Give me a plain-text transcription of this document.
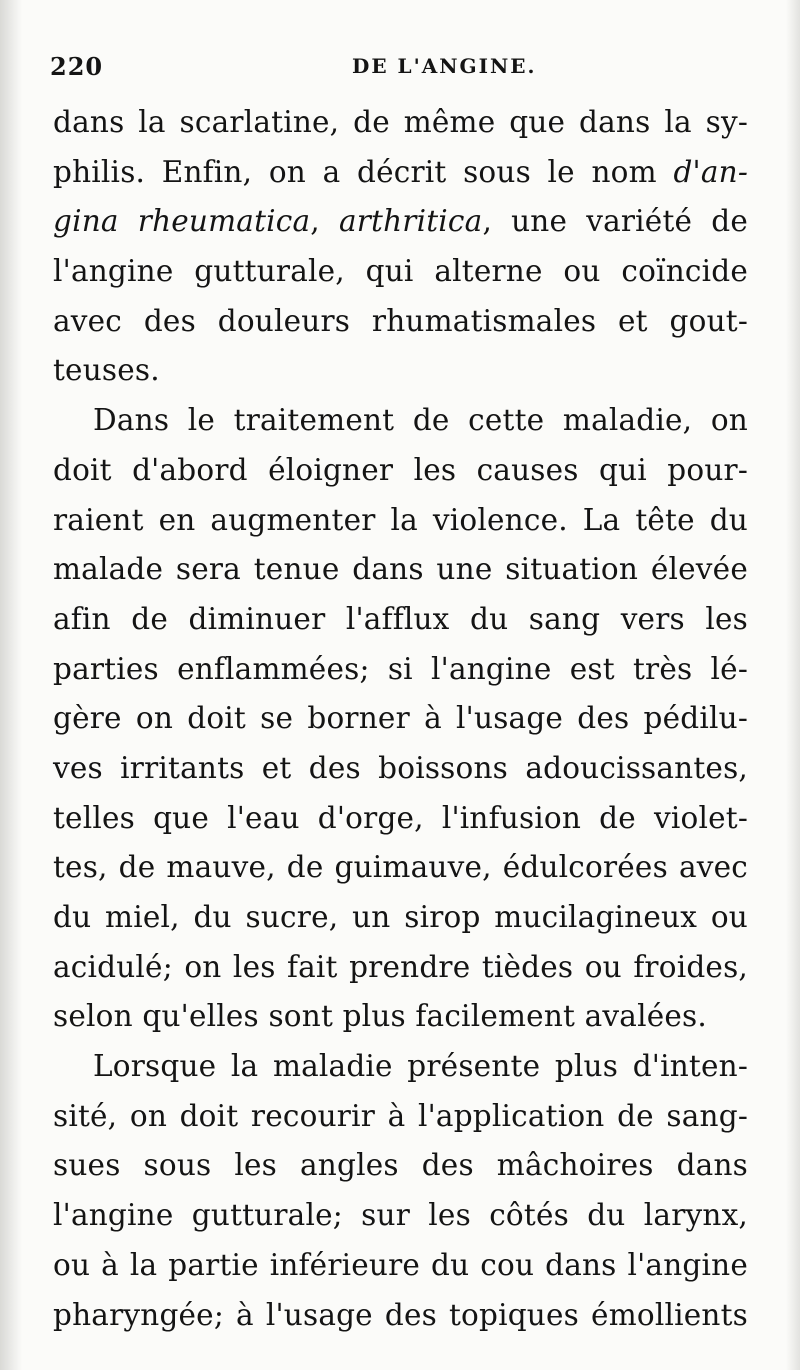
220	DE L'ANGINE.
dans la scarlatine, de même que dans la sy-
philis. Enfin, on a décrit sous le nom d'an-
gina rheumatica, arthritica, une variété de
l'angine gutturale, qui alterne ou coïncide
avec des douleurs rhumatismales et gout-
teuses.
Dans le traitement de cette maladie, on
doit d'abord éloigner les causes qui pour-
raient en augmenter la violence. La tête du
malade sera tenue dans une situation élevée
afin de diminuer l'afflux du sang vers les
parties enflammées; si l'angine est très lé-
gère on doit se borner à l'usage des pédilu-
ves irritants et des boissons adoucissantes,
telles que l'eau d'orge, l'infusion de violet-
tes, de mauve, de guimauve, édulcorées avec
du miel, du sucre, un sirop mucilagineux ou
acidulé; on les fait prendre tièdes ou froides,
selon qu'elles sont plus facilement avalées.
Lorsque la maladie présente plus d'inten-
sité, on doit recourir à l'application de sang-
sues sous les angles des mâchoires dans
l'angine gutturale; sur les côtés du larynx,
ou à la partie inférieure du cou dans l'angine
pharyngée; à l'usage des topiques émollients
